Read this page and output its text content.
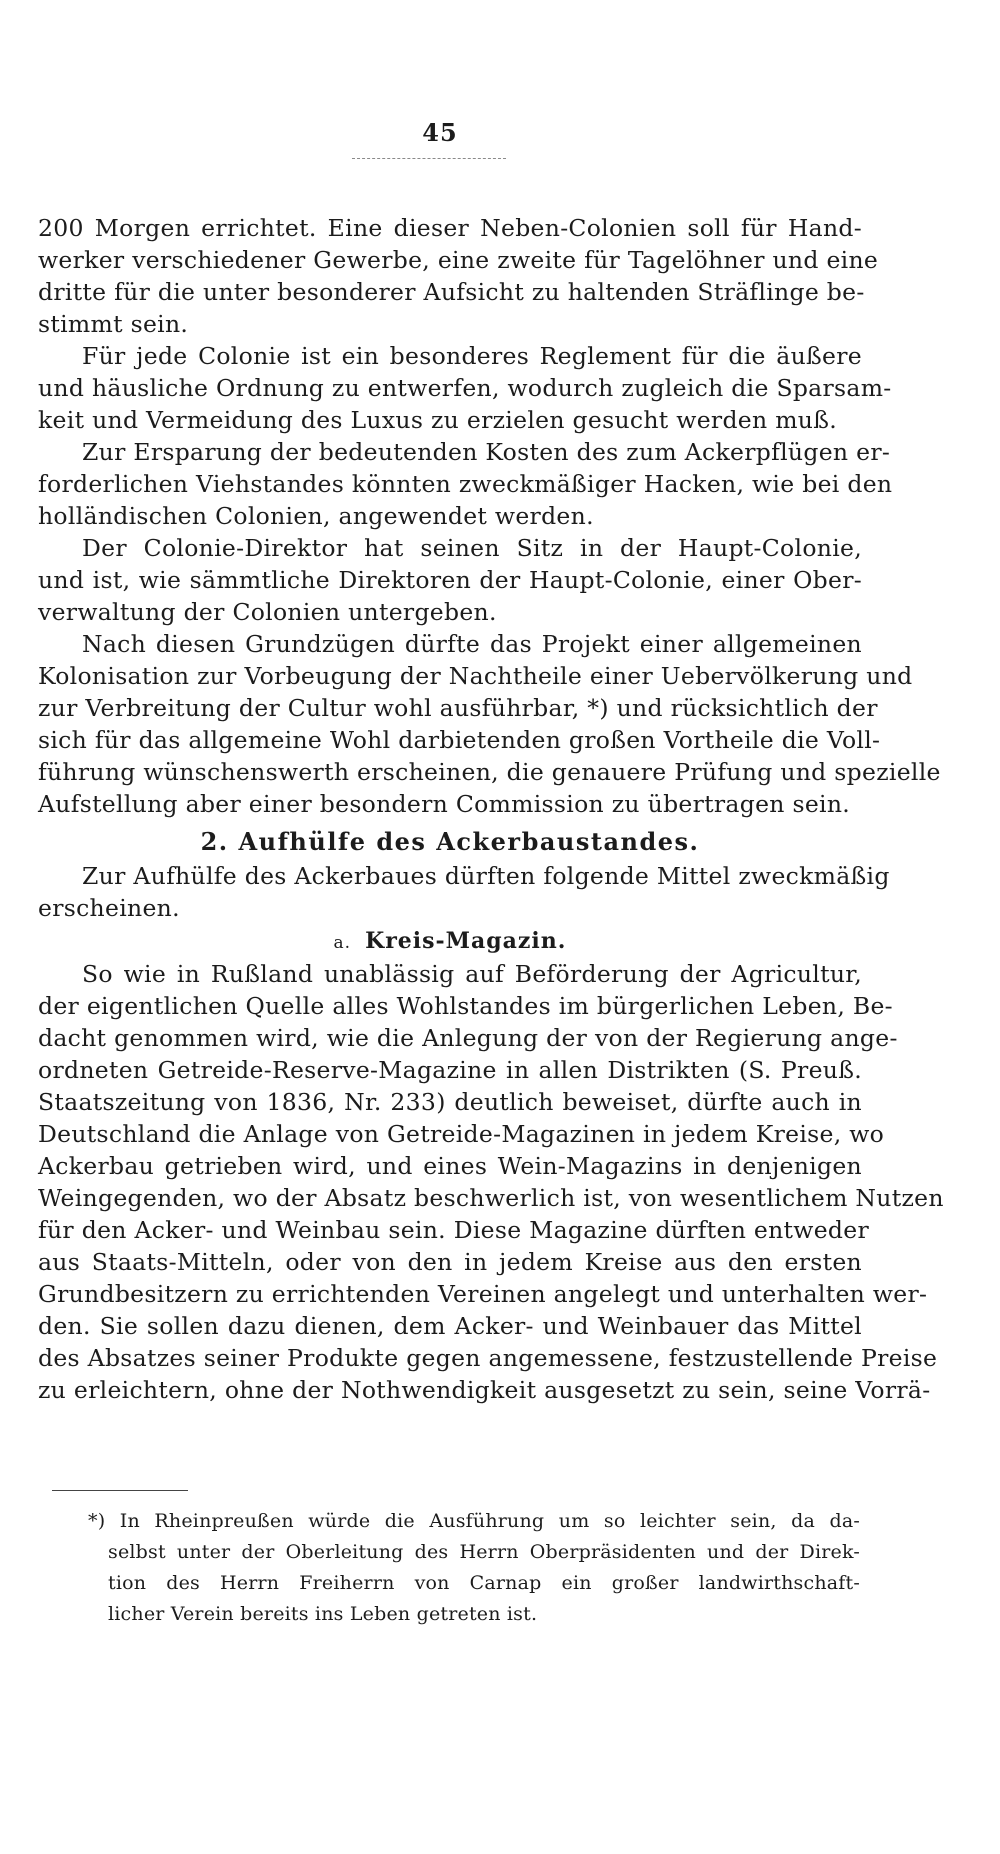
45
200 Morgen errichtet. Eine dieser Neben-Colonien soll für Hand-
werker verschiedener Gewerbe, eine zweite für Tagelöhner und eine
dritte für die unter besonderer Aufsicht zu haltenden Sträflinge be-
stimmt sein.
Für jede Colonie ist ein besonderes Reglement für die äußere
und häusliche Ordnung zu entwerfen, wodurch zugleich die Sparsam-
keit und Vermeidung des Luxus zu erzielen gesucht werden muß.
Zur Ersparung der bedeutenden Kosten des zum Ackerpflügen er-
forderlichen Viehstandes könnten zweckmäßiger Hacken, wie bei den
holländischen Colonien, angewendet werden.
Der Colonie-Direktor hat seinen Sitz in der Haupt-Colonie,
und ist, wie sämmtliche Direktoren der Haupt-Colonie, einer Ober-
verwaltung der Colonien untergeben.
Nach diesen Grundzügen dürfte das Projekt einer allgemeinen
Kolonisation zur Vorbeugung der Nachtheile einer Uebervölkerung und
zur Verbreitung der Cultur wohl ausführbar, *) und rücksichtlich der
sich für das allgemeine Wohl darbietenden großen Vortheile die Voll-
führung wünschenswerth erscheinen, die genauere Prüfung und spezielle
Aufstellung aber einer besondern Commission zu übertragen sein.
2. Aufhülfe des Ackerbaustandes.
Zur Aufhülfe des Ackerbaues dürften folgende Mittel zweckmäßig
erscheinen.
a. Kreis-Magazin.
So wie in Rußland unablässig auf Beförderung der Agricultur,
der eigentlichen Quelle alles Wohlstandes im bürgerlichen Leben, Be-
dacht genommen wird, wie die Anlegung der von der Regierung ange-
ordneten Getreide-Reserve-Magazine in allen Distrikten (S. Preuß.
Staatszeitung von 1836, Nr. 233) deutlich beweiset, dürfte auch in
Deutschland die Anlage von Getreide-Magazinen in jedem Kreise, wo
Ackerbau getrieben wird, und eines Wein-Magazins in denjenigen
Weingegenden, wo der Absatz beschwerlich ist, von wesentlichem Nutzen
für den Acker- und Weinbau sein. Diese Magazine dürften entweder
aus Staats-Mitteln, oder von den in jedem Kreise aus den ersten
Grundbesitzern zu errichtenden Vereinen angelegt und unterhalten wer-
den. Sie sollen dazu dienen, dem Acker- und Weinbauer das Mittel
des Absatzes seiner Produkte gegen angemessene, festzustellende Preise
zu erleichtern, ohne der Nothwendigkeit ausgesetzt zu sein, seine Vorrä-
*) In Rheinpreußen würde die Ausführung um so leichter sein, da da-
selbst unter der Oberleitung des Herrn Oberpräsidenten und der Direk-
tion des Herrn Freiherrn von Carnap ein großer landwirthschaft-
licher Verein bereits ins Leben getreten ist.
